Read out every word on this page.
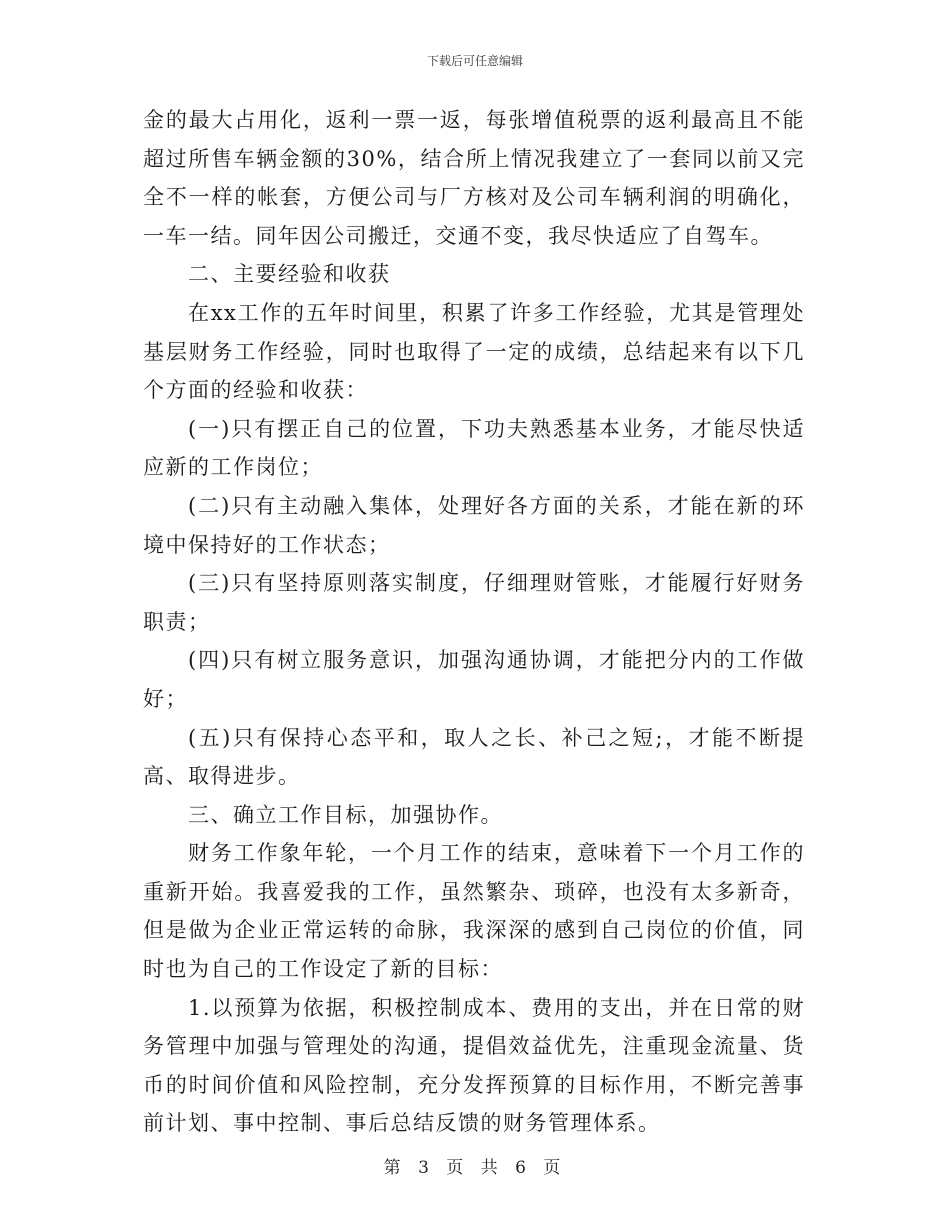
下载后可任意编辑

金的最大占用化，返利一票一返，每张增值税票的返利最高且不能超过所售车辆金额的30%，结合所上情况我建立了一套同以前又完全不一样的帐套，方便公司与厂方核对及公司车辆利润的明确化，一车一结。同年因公司搬迁，交通不变，我尽快适应了自驾车。

二、主要经验和收获

在xx工作的五年时间里，积累了许多工作经验，尤其是管理处基层财务工作经验，同时也取得了一定的成绩，总结起来有以下几个方面的经验和收获：

(一)只有摆正自己的位置，下功夫熟悉基本业务，才能尽快适应新的工作岗位；

(二)只有主动融入集体，处理好各方面的关系，才能在新的环境中保持好的工作状态；

(三)只有坚持原则落实制度，仔细理财管账，才能履行好财务职责；

(四)只有树立服务意识，加强沟通协调，才能把分内的工作做好；

(五)只有保持心态平和，取人之长、补己之短;，才能不断提高、取得进步。

三、确立工作目标，加强协作。

财务工作象年轮，一个月工作的结束，意味着下一个月工作的重新开始。我喜爱我的工作，虽然繁杂、琐碎，也没有太多新奇，但是做为企业正常运转的命脉，我深深的感到自己岗位的价值，同时也为自己的工作设定了新的目标：

1.以预算为依据，积极控制成本、费用的支出，并在日常的财务管理中加强与管理处的沟通，提倡效益优先，注重现金流量、货币的时间价值和风险控制，充分发挥预算的目标作用，不断完善事前计划、事中控制、事后总结反馈的财务管理体系。

第 3 页 共 6 页
